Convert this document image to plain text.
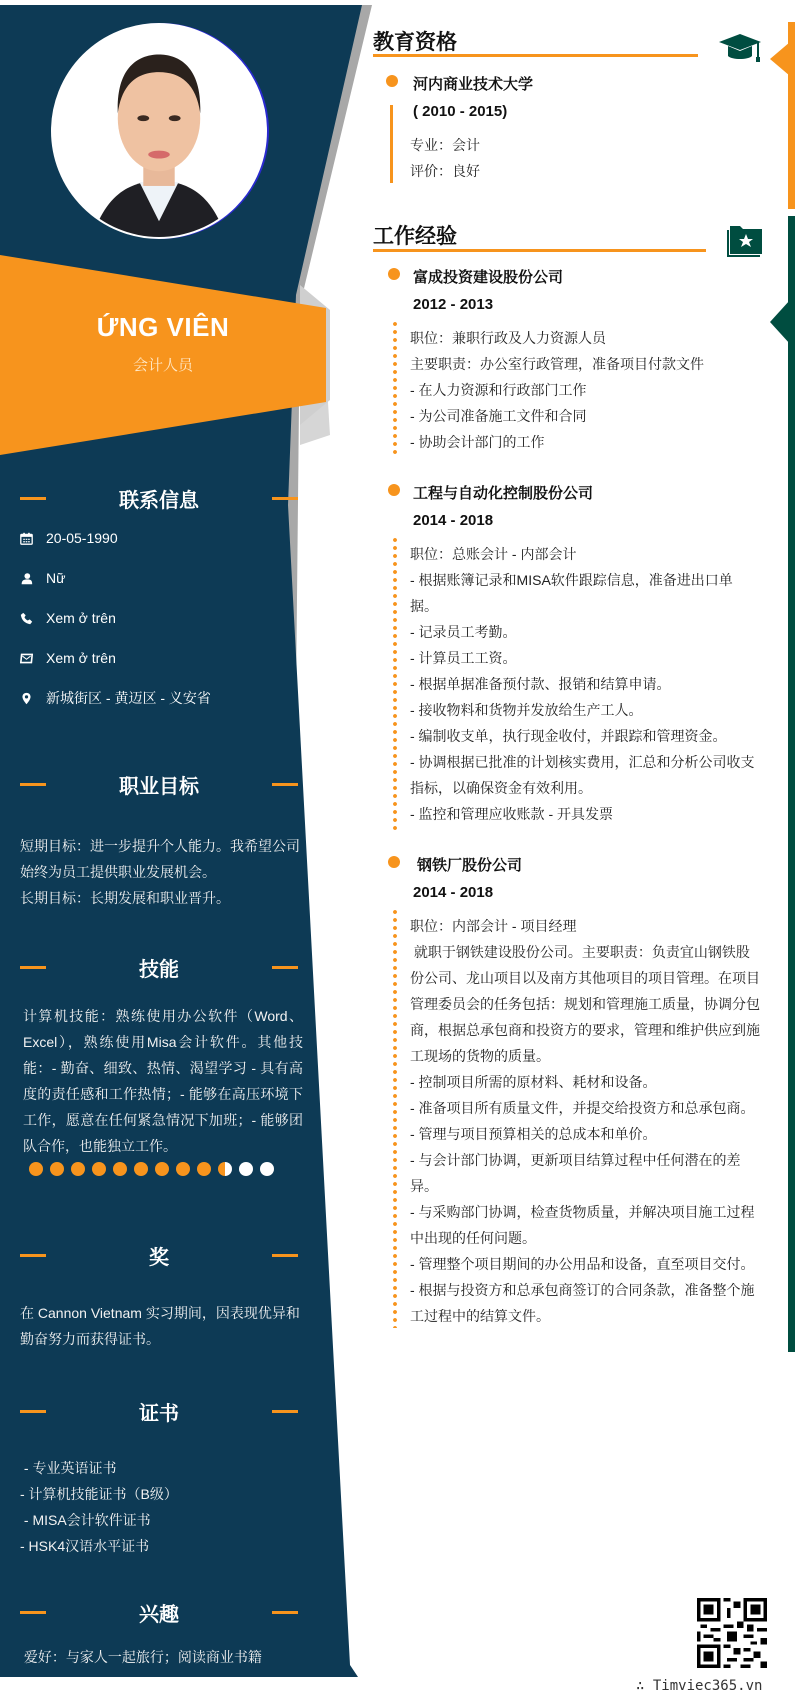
ỨNG VIÊN
会计人员
联系信息
20-05-1990
Nữ
Xem ở trên
Xem ở trên
新城街区 - 黄迈区 - 义安省
职业目标
短期目标：进一步提升个人能力。我希望公司始终为员工提供职业发展机会。
长期目标：长期发展和职业晋升。
技能
计算机技能：熟练使用办公软件（Word、Excel），熟练使用Misa会计软件。其他技能：- 勤奋、细致、热情、渴望学习 - 具有高度的责任感和工作热情；- 能够在高压环境下工作，愿意在任何紧急情况下加班；- 能够团队合作，也能独立工作。
奖
在 Cannon Vietnam 实习期间，因表现优异和勤奋努力而获得证书。
证书
- 专业英语证书
- 计算机技能证书（B级）
- MISA会计软件证书
- HSK4汉语水平证书
兴趣
爱好：与家人一起旅行；阅读商业书籍
教育资格
河内商业技术大学
( 2010 - 2015)
专业：会计
评价：良好
工作经验
富成投资建设股份公司
2012 - 2013
职位：兼职行政及人力资源人员
主要职责：办公室行政管理，准备项目付款文件
- 在人力资源和行政部门工作
- 为公司准备施工文件和合同
- 协助会计部门的工作
工程与自动化控制股份公司
2014 - 2018
职位：总账会计 - 内部会计
- 根据账簿记录和MISA软件跟踪信息，准备进出口单据。
- 记录员工考勤。
- 计算员工工资。
- 根据单据准备预付款、报销和结算申请。
- 接收物料和货物并发放给生产工人。
- 编制收支单，执行现金收付，并跟踪和管理资金。
- 协调根据已批准的计划核实费用，汇总和分析公司收支指标，以确保资金有效利用。
- 监控和管理应收账款 - 开具发票
钢铁厂股份公司
2014 - 2018
职位：内部会计 - 项目经理
就职于钢铁建设股份公司。主要职责：负责宜山钢铁股份公司、龙山项目以及南方其他项目的项目管理。在项目管理委员会的任务包括：规划和管理施工质量，协调分包商，根据总承包商和投资方的要求，管理和维护供应到施工现场的货物的质量。
- 控制项目所需的原材料、耗材和设备。
- 准备项目所有质量文件，并提交给投资方和总承包商。
- 管理与项目预算相关的总成本和单价。
- 与会计部门协调，更新项目结算过程中任何潜在的差异。
- 与采购部门协调，检查货物质量，并解决项目施工过程中出现的任何问题。
- 管理整个项目期间的办公用品和设备，直至项目交付。
- 根据与投资方和总承包商签订的合同条款，准备整个施工过程中的结算文件。
∴ Timviec365.vn
